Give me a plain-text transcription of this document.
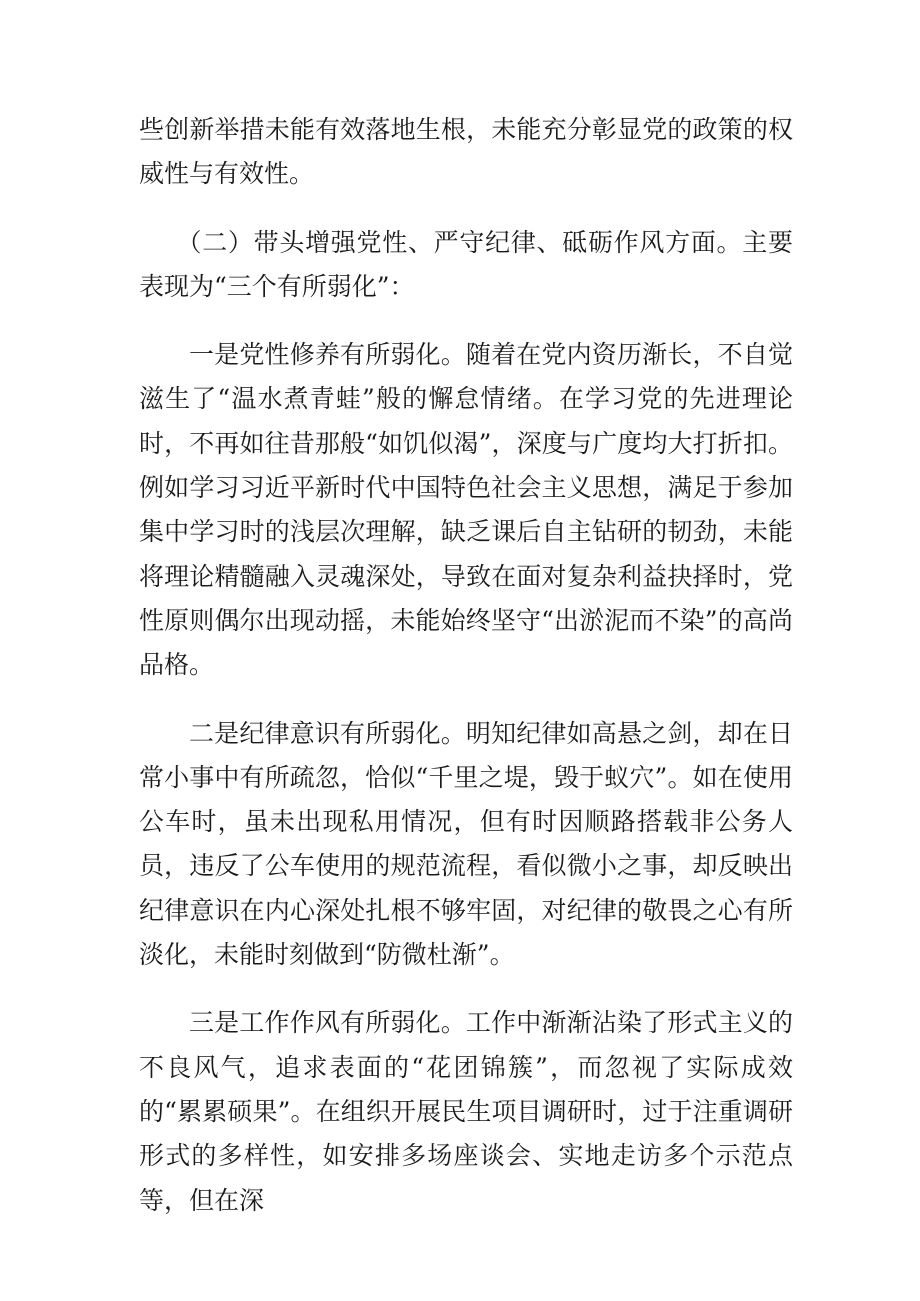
些创新举措未能有效落地生根，未能充分彰显党的政策的权威性与有效性。

（二）带头增强党性、严守纪律、砥砺作风方面。主要表现为“三个有所弱化”：

一是党性修养有所弱化。随着在党内资历渐长，不自觉滋生了“温水煮青蛙”般的懈怠情绪。在学习党的先进理论时，不再如往昔那般“如饥似渴”，深度与广度均大打折扣。例如学习习近平新时代中国特色社会主义思想，满足于参加集中学习时的浅层次理解，缺乏课后自主钻研的韧劲，未能将理论精髓融入灵魂深处，导致在面对复杂利益抉择时，党性原则偶尔出现动摇，未能始终坚守“出淤泥而不染”的高尚品格。

二是纪律意识有所弱化。明知纪律如高悬之剑，却在日常小事中有所疏忽，恰似“千里之堤，毁于蚁穴”。如在使用公车时，虽未出现私用情况，但有时因顺路搭载非公务人员，违反了公车使用的规范流程，看似微小之事，却反映出纪律意识在内心深处扎根不够牢固，对纪律的敬畏之心有所淡化，未能时刻做到“防微杜渐”。

三是工作作风有所弱化。工作中渐渐沾染了形式主义的不良风气，追求表面的“花团锦簇”，而忽视了实际成效的“累累硕果”。在组织开展民生项目调研时，过于注重调研形式的多样性，如安排多场座谈会、实地走访多个示范点等，但在深
